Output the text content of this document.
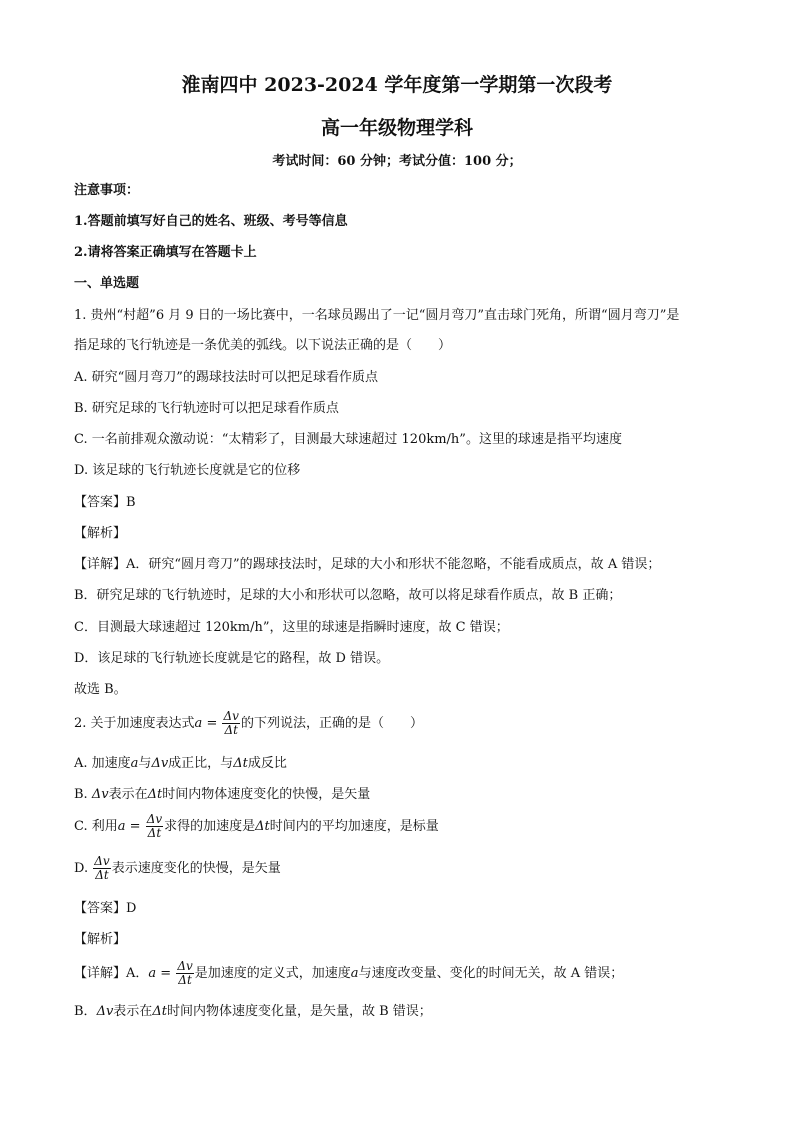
淮南四中 2023-2024 学年度第一学期第一次段考
高一年级物理学科
考试时间：60 分钟；考试分值：100 分；
注意事项：
1.答题前填写好自己的姓名、班级、考号等信息
2.请将答案正确填写在答题卡上
一、单选题
1. 贵州“村超”6 月 9 日的一场比赛中，一名球员踢出了一记“圆月弯刀”直击球门死角，所谓“圆月弯刀”是
指足球的飞行轨迹是一条优美的弧线。以下说法正确的是（　　）
A. 研究“圆月弯刀”的踢球技法时可以把足球看作质点
B. 研究足球的飞行轨迹时可以把足球看作质点
C. 一名前排观众激动说：“太精彩了，目测最大球速超过 120km/h”。这里的球速是指平均速度
D. 该足球的飞行轨迹长度就是它的位移
【答案】B
【解析】
【详解】A．研究“圆月弯刀”的踢球技法时，足球的大小和形状不能忽略，不能看成质点，故 A 错误；
B．研究足球的飞行轨迹时，足球的大小和形状可以忽略，故可以将足球看作质点，故 B 正确；
C．目测最大球速超过 120km/h”，这里的球速是指瞬时速度，故 C 错误；
D．该足球的飞行轨迹长度就是它的路程，故 D 错误。
故选 B。
2. 关于加速度表达式$a = \frac{\Delta v}{\Delta t}$ 的下列说法，正确的是（　　）
A. 加速度a与Δv成正比，与Δt成反比
B. Δv表示在Δt时间内物体速度变化的快慢，是矢量
C. 利用$a = \frac{\Delta v}{\Delta t}$ 求得的加速度是Δt时间内的平均加速度，是标量
D. $\frac{\Delta v}{\Delta t}$ 表示速度变化的快慢，是矢量
【答案】D
【解析】
【详解】A．$a = \frac{\Delta v}{\Delta t}$ 是加速度的定义式，加速度a与速度改变量、变化的时间无关，故 A 错误；
B．Δv表示在Δt时间内物体速度变化量，是矢量，故 B 错误；
